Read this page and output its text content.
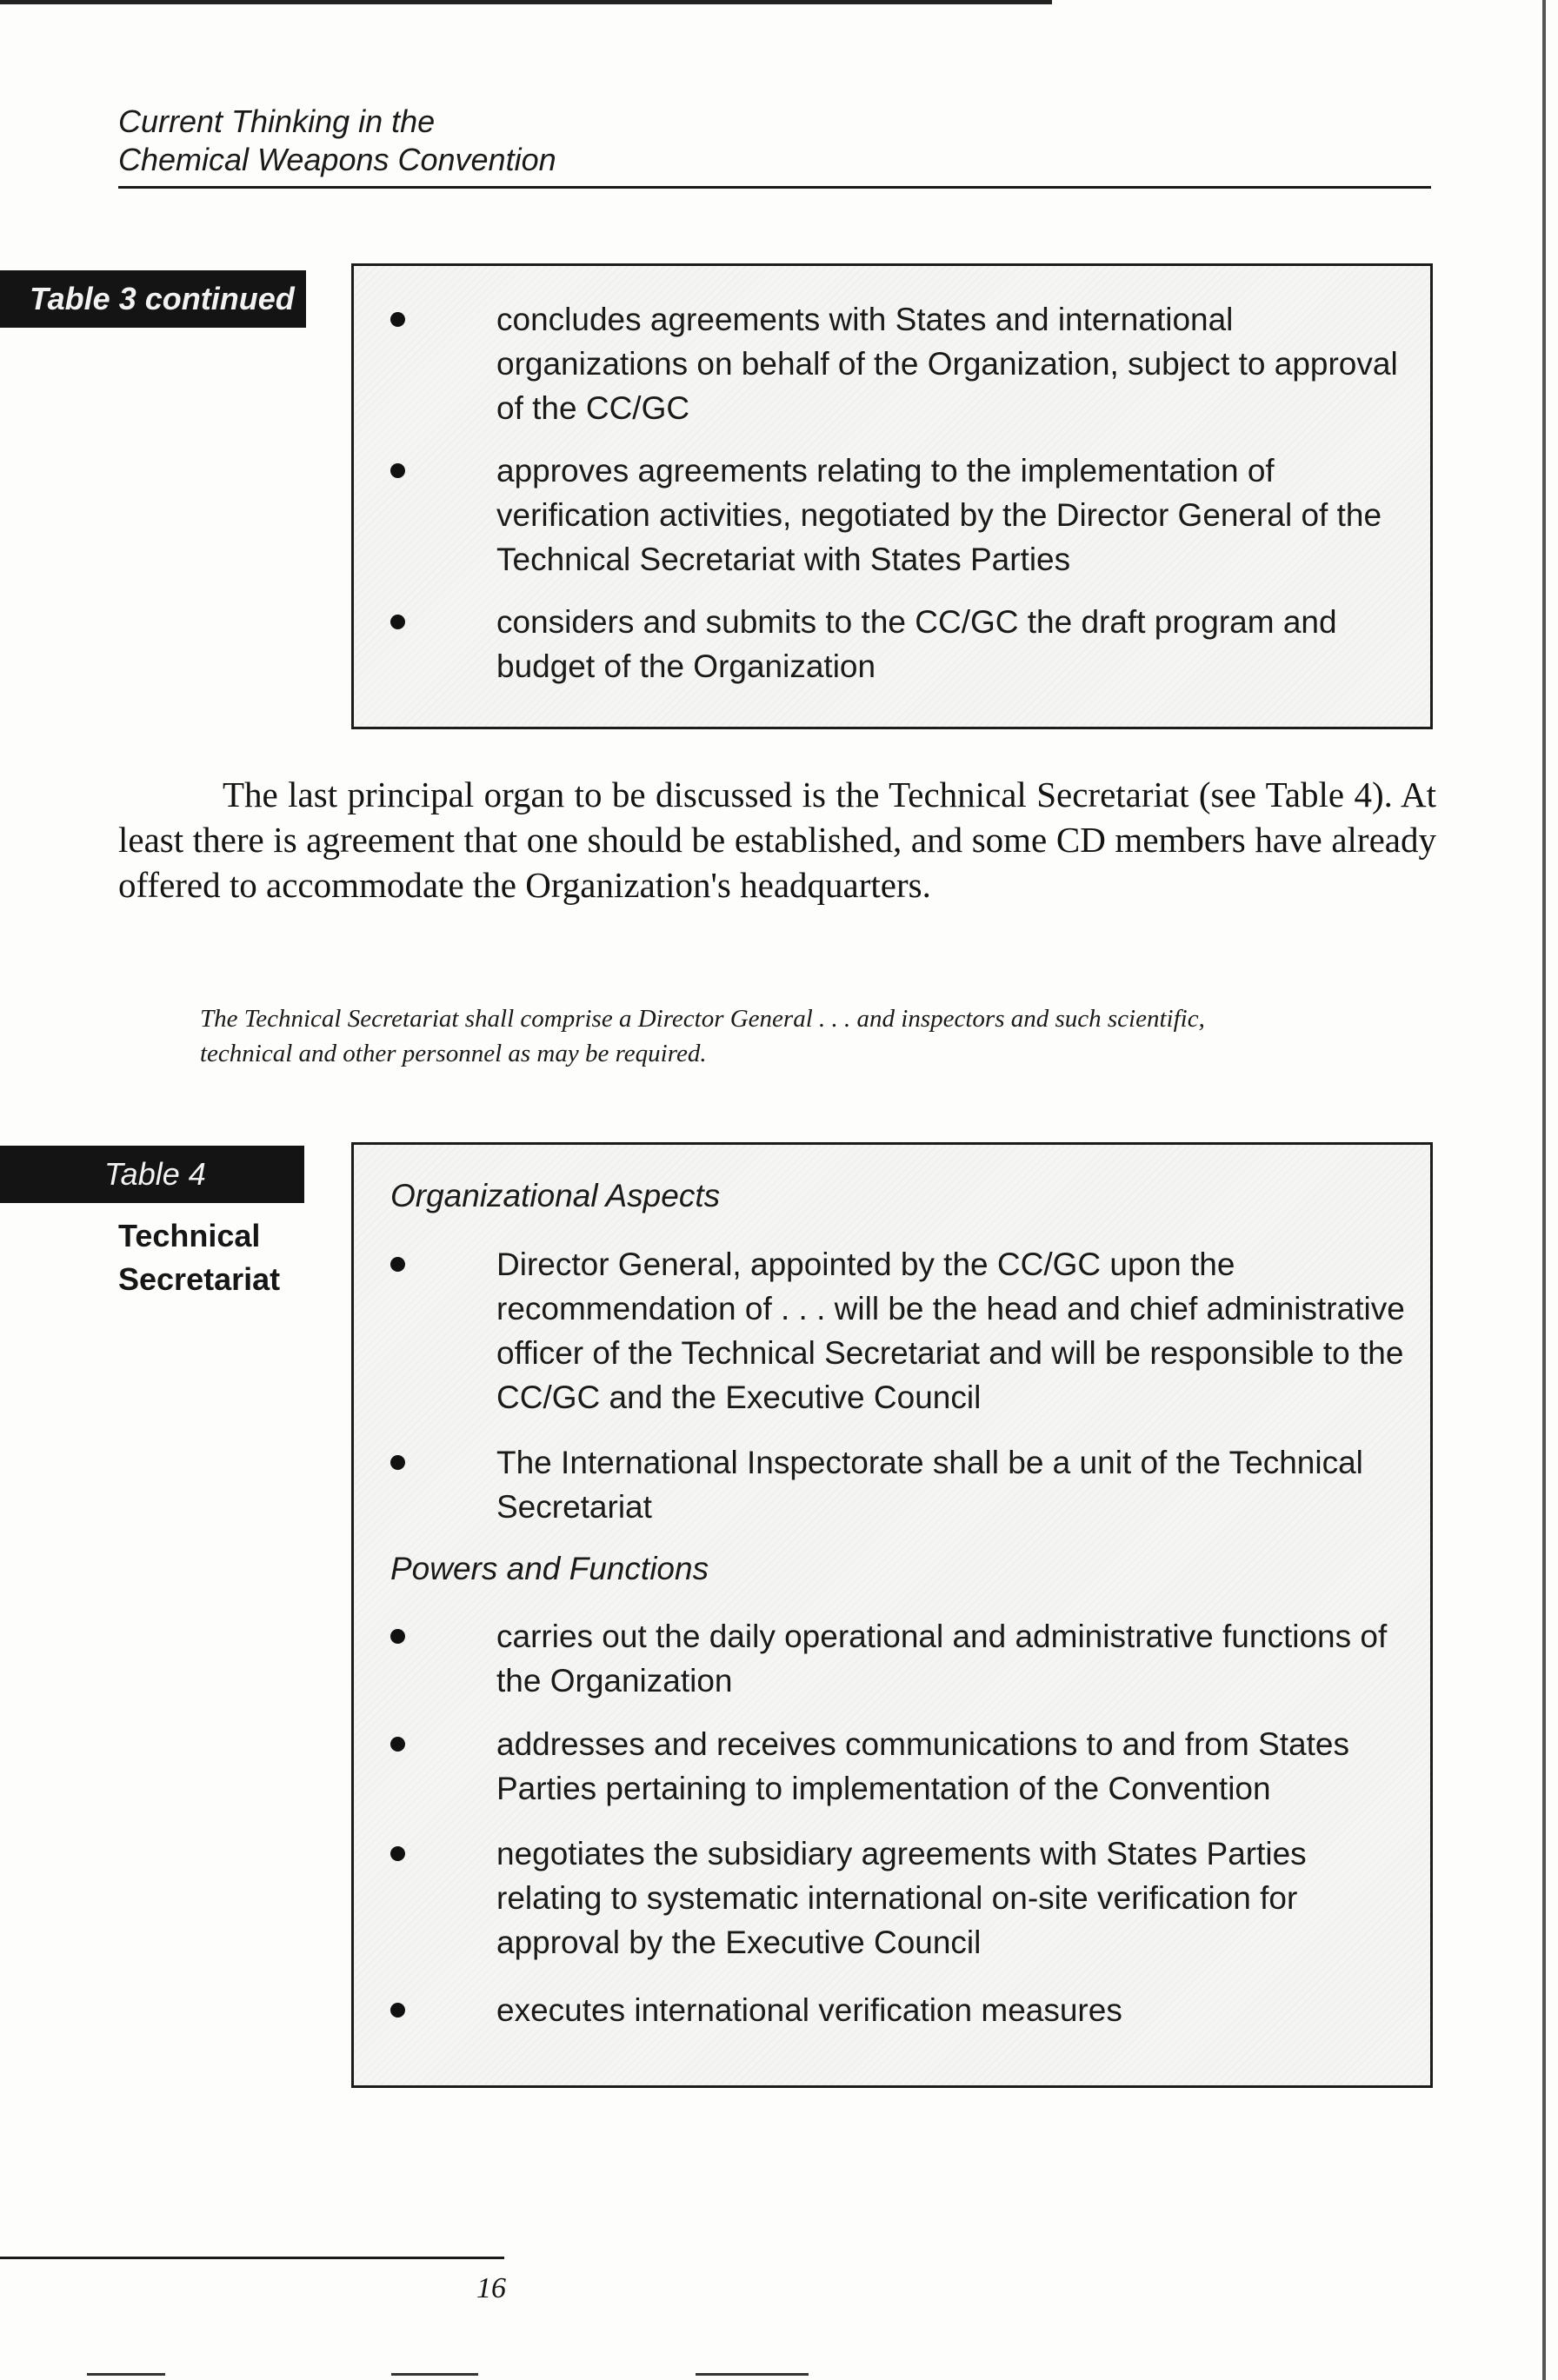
Current Thinking in the
Chemical Weapons Convention
Table 3 continued
concludes agreements with States and international organizations on behalf of the Organization, subject to approval of the CC/GC
approves agreements relating to the implementation of verification activities, negotiated by the Director General of the Technical Secretariat with States Parties
considers and submits to the CC/GC the draft program and budget of the Organization
The last principal organ to be discussed is the Technical Secretariat (see Table 4). At least there is agreement that one should be established, and some CD members have already offered to accommodate the Organization's headquarters.
The Technical Secretariat shall comprise a Director General . . . and inspectors and such scientific, technical and other personnel as may be required.
Table 4
Technical
Secretariat
Organizational Aspects
Director General, appointed by the CC/GC upon the recommendation of . . . will be the head and chief administrative officer of the Technical Secretariat and will be responsible to the CC/GC and the Executive Council
The International Inspectorate shall be a unit of the Technical Secretariat
Powers and Functions
carries out the daily operational and administrative functions of the Organization
addresses and receives communications to and from States Parties pertaining to implementation of the Convention
negotiates the subsidiary agreements with States Parties relating to systematic international on-site verification for approval by the Executive Council
executes international verification measures
16
